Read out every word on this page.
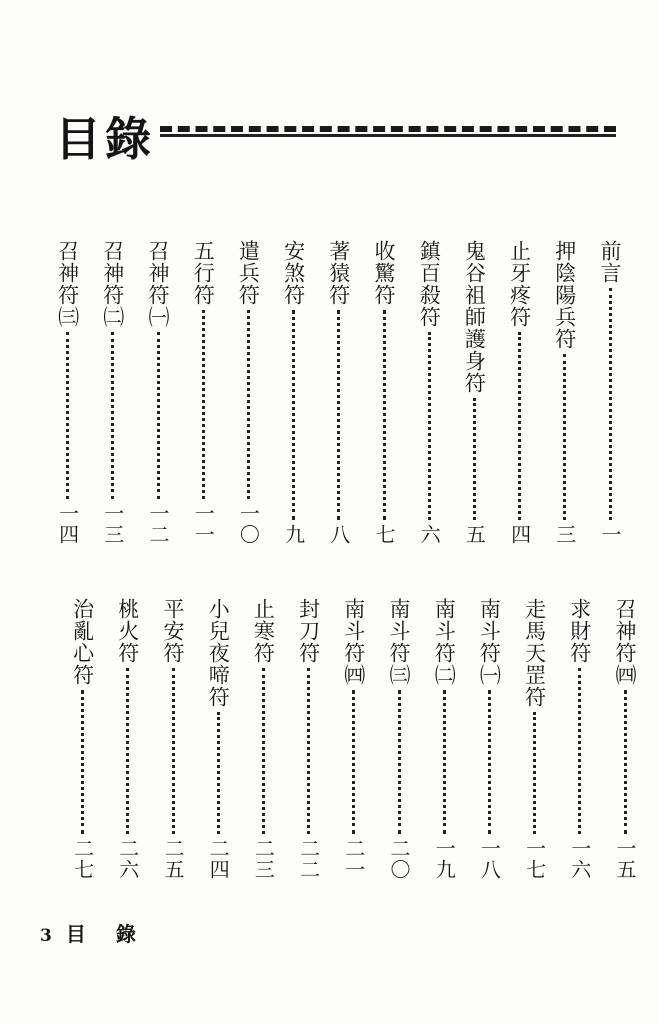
目錄
前言
一
押陰陽兵符
三
止牙疼符
四
鬼谷祖師護身符
五
鎮百殺符
六
收驚符
七
著猿符
八
安煞符
九
遣兵符
一〇
五行符
一一
召神符㈠
一二
召神符㈡
一三
召神符㈢
一四
召神符㈣
一五
求財符
一六
走馬天罡符
一七
南斗符㈠
一八
南斗符㈡
一九
南斗符㈢
二〇
南斗符㈣
二一
封刀符
二二
止寒符
二三
小兒夜啼符
二四
平安符
二五
桃火符
二六
治亂心符
二七
3 目錄
